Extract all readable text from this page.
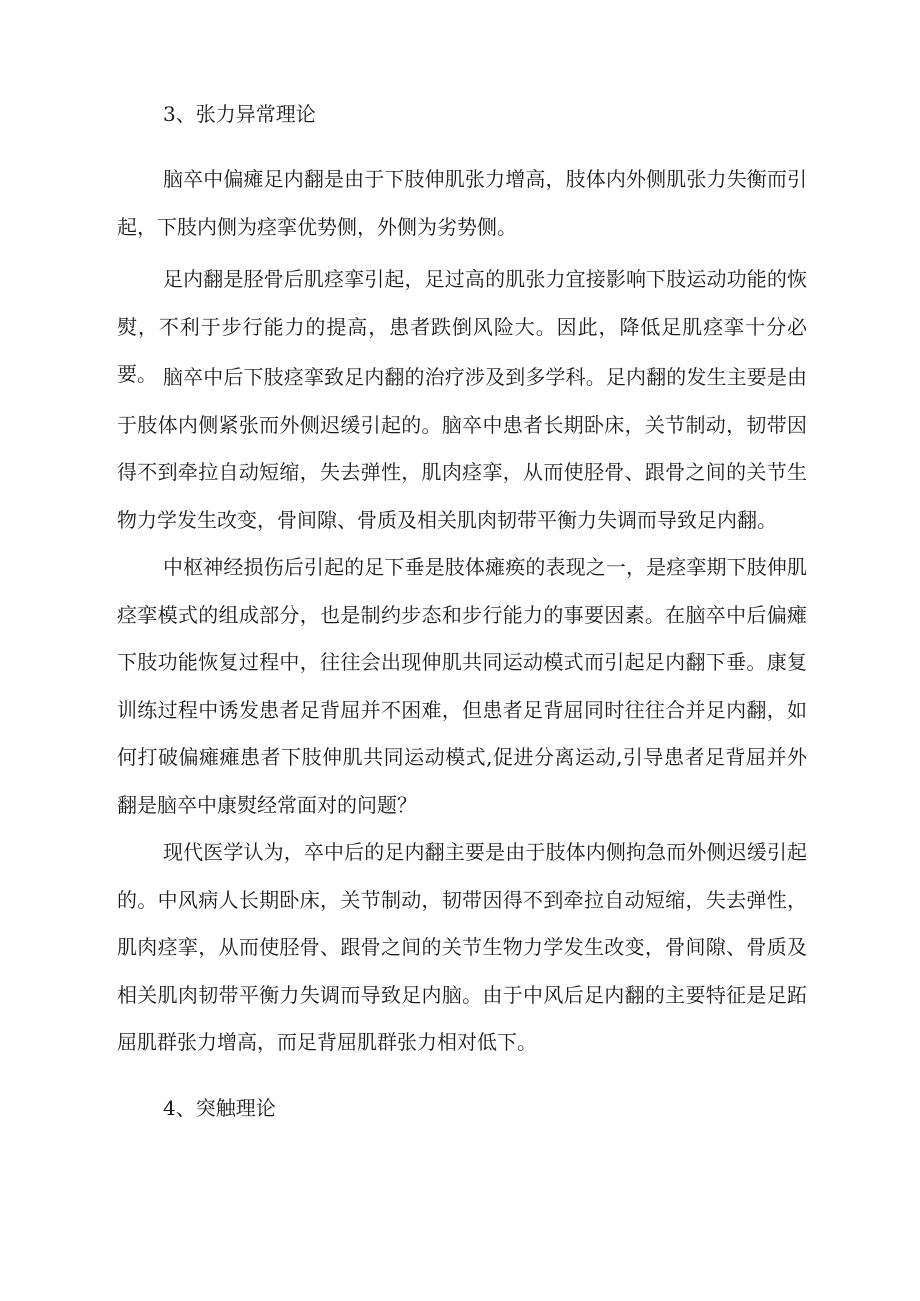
3、张力异常理论

脑卒中偏瘫足内翻是由于下肢伸肌张力增高，肢体内外侧肌张力失衡而引起，下肢内侧为痉挛优势侧，外侧为劣势侧。

足内翻是胫骨后肌痉挛引起，足过高的肌张力宜接影响下肢运动功能的恢熨，不利于步行能力的提高，患者跌倒风险大。因此，降低足肌痉挛十分必要。 脑卒中后下肢痉挛致足内翻的治疗涉及到多学科。足内翻的发生主要是由于肢体内侧紧张而外侧迟缓引起的。脑卒中患者长期卧床，关节制动，韧带因得不到牵拉自动短缩，失去弹性，肌肉痉挛，从而使胫骨、跟骨之间的关节生物力学发生改变，骨间隙、骨质及相关肌肉韧带平衡力失调而导致足内翻。

中枢神经损伤后引起的足下垂是肢体瘫痪的表现之一，是痉挛期下肢伸肌痉挛模式的组成部分，也是制约步态和步行能力的事要因素。在脑卒中后偏瘫下肢功能恢复过程中，往往会出现伸肌共同运动模式而引起足内翻下垂。康复训练过程中诱发患者足背屈并不困难，但患者足背屈同时往往合并足内翻，如何打破偏瘫瘫患者下肢伸肌共同运动模式,促进分离运动,引导患者足背屈并外翻是脑卒中康熨经常面对的问题？

现代医学认为，卒中后的足内翻主要是由于肢体内侧拘急而外侧迟缓引起的。中风病人长期卧床，关节制动，韧带因得不到牵拉自动短缩，失去弹性，肌肉痉挛，从而使胫骨、跟骨之间的关节生物力学发生改变，骨间隙、骨质及相关肌肉韧带平衡力失调而导致足内脑。由于中风后足内翻的主要特征是足跖屈肌群张力增高，而足背屈肌群张力相对低下。

4、突触理论
